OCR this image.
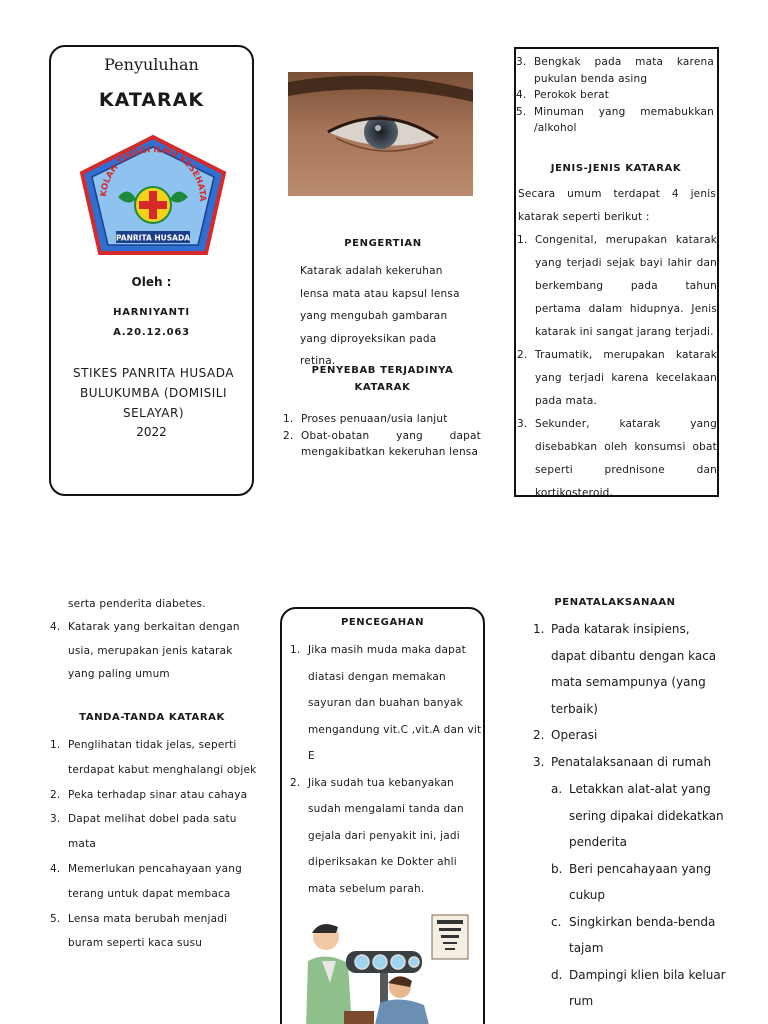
Penyuluhan
KATARAK
KOLAH TINGGI ILMU KESEHATA
PANRITA HUSADA
Oleh :
HARNIYANTI
A.20.12.063
STIKES PANRITA HUSADA BULUKUMBA (DOMISILI SELAYAR)
2022
PENGERTIAN
Katarak adalah kekeruhan lensa mata atau kapsul lensa yang mengubah gambaran yang diproyeksikan pada retina.
PENYEBAB TERJADINYA KATARAK
1. Proses penuaan/usia lanjut
2. Obat-obatan yang dapat mengakibatkan kekeruhan lensa
3. Bengkak pada mata karena pukulan benda asing
4. Perokok berat
5. Minuman yang memabukkan /alkohol
JENIS-JENIS KATARAK
Secara umum terdapat 4 jenis katarak seperti berikut :
1. Congenital, merupakan katarak yang terjadi sejak bayi lahir dan berkembang pada tahun pertama dalam hidupnya. Jenis katarak ini sangat jarang terjadi.
2. Traumatik, merupakan katarak yang terjadi karena kecelakaan pada mata.
3. Sekunder, katarak yang disebabkan oleh konsumsi obat seperti prednisone dan kortikosteroid,
serta penderita diabetes.
4. Katarak yang berkaitan dengan usia, merupakan jenis katarak yang paling umum
TANDA-TANDA KATARAK
1. Penglihatan tidak jelas, seperti terdapat kabut menghalangi objek
2. Peka terhadap sinar atau cahaya
3. Dapat melihat dobel pada satu mata
4. Memerlukan pencahayaan yang terang untuk dapat membaca
5. Lensa mata berubah menjadi buram seperti kaca susu
PENCEGAHAN
1. Jika masih muda maka dapat diatasi dengan memakan sayuran dan buahan banyak mengandung vit.C ,vit.A dan vit E
2. Jika sudah tua kebanyakan sudah mengalami tanda dan gejala dari penyakit ini, jadi diperiksakan ke Dokter ahli mata sebelum parah.
PENATALAKSANAAN
1. Pada katarak insipiens, dapat dibantu dengan kaca mata semampunya (yang terbaik)
2. Operasi
3. Penatalaksanaan di rumah
a. Letakkan alat-alat yang sering dipakai didekatkan penderita
b. Beri pencahayaan yang cukup
c. Singkirkan benda-benda tajam
d. Dampingi klien bila keluar rum
